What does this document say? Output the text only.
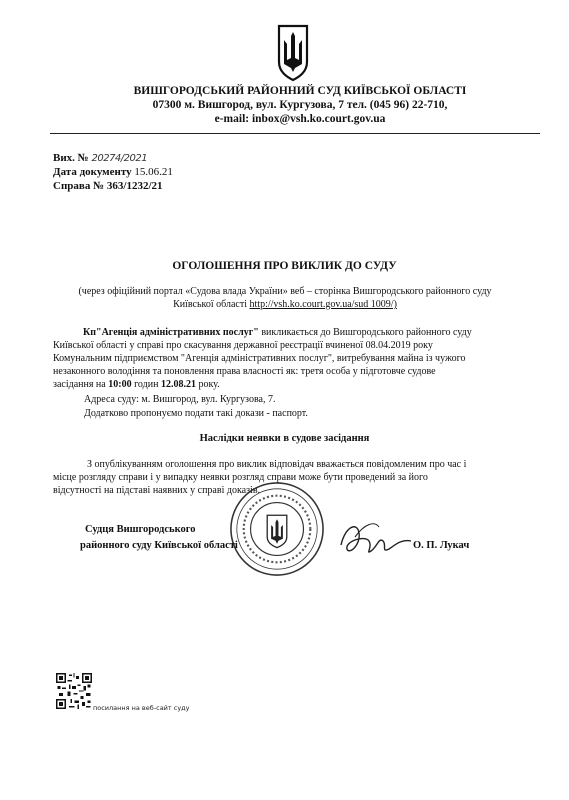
ВИШГОРОДСЬКИЙ РАЙОННИЙ СУД КИЇВСЬКОЇ ОБЛАСТІ
07300 м. Вишгород, вул. Кургузова, 7 тел. (045 96) 22-710,
e-mail: inbox@vsh.ko.court.gov.ua
Вих. № 20274/2021
Дата документу 15.06.21
Справа № 363/1232/21
ОГОЛОШЕННЯ ПРО ВИКЛИК ДО СУДУ
(через офіційний портал «Судова влада України» веб – сторінка Вишгородського районного суду
Київської області http://vsh.ko.court.gov.ua/sud 1009/)
Кп"Агенція адміністративних послуг" викликається до Вишгородського районного суду
Київської області у справі про скасування державної реєстрації вчиненої 08.04.2019 року
Комунальним підприємством "Агенція адміністративних послуг", витребування майна із чужого
незаконного володіння та поновлення права власності як: третя особа у підготовче судове
засідання на 10:00 годин 12.08.21 року.
Адреса суду: м. Вишгород, вул. Кургузова, 7.
Додатково пропонуємо подати такі докази - паспорт.
Наслідки неявки в судове засідання
З опублікуванням оголошення про виклик відповідач вважається повідомленим про час і
місце розгляду справи і у випадку неявки розгляд справи може бути проведений за його
відсутності на підставі наявних у справі доказів.
Судця Вишгородського
районного суду Київської області	О. П. Лукач
посилання на веб-сайт суду
